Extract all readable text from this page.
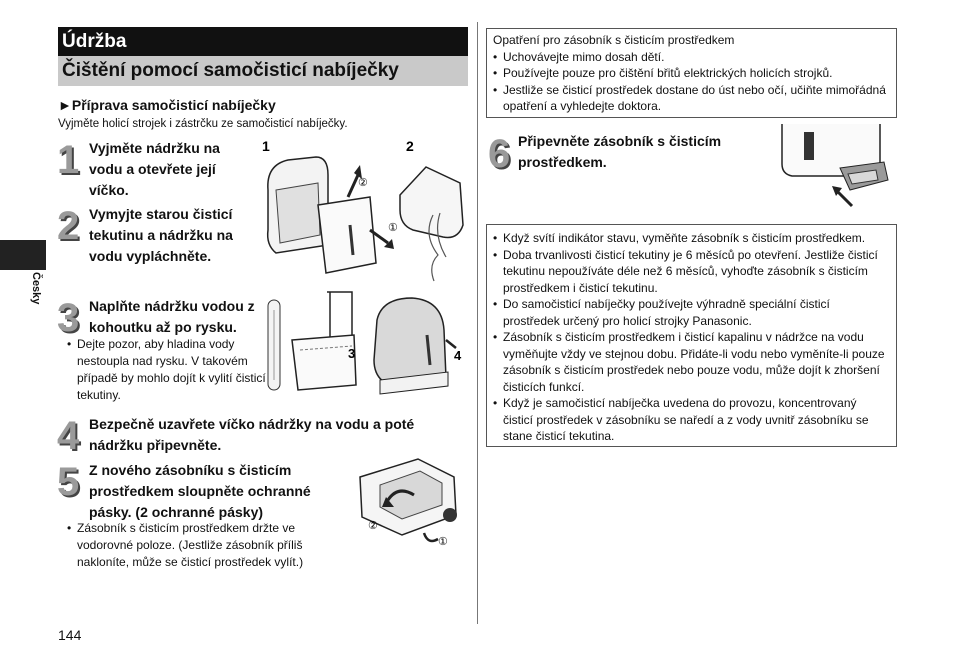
Údržba
Čištění pomocí samočisticí nabíječky
Česky
►Příprava samočisticí nabíječky
Vyjměte holicí strojek i zástrčku ze samočisticí nabíječky.
1 Vyjměte nádržku na vodu a otevřete její víčko.
2 Vymyjte starou čisticí tekutinu a nádržku na vodu vypláchněte.
3 Naplňte nádržku vodou z kohoutku až po rysku.
• Dejte pozor, aby hladina vody nestoupla nad rysku. V takovém případě by mohlo dojít k vylití čisticí tekutiny.
4 Bezpečně uzavřete víčko nádržky na vodu a poté nádržku připevněte.
5 Z nového zásobníku s čisticím prostředkem sloupněte ochranné pásky. (2 ochranné pásky)
• Zásobník s čisticím prostředkem držte ve vodorovné poloze. (Jestliže zásobník příliš nakloníte, může se čisticí prostředek vylít.)
1	2
②
①
3	4
②
①
144
Opatření pro zásobník s čisticím prostředkem
• Uchovávejte mimo dosah dětí.
• Používejte pouze pro čištění břitů elektrických holicích strojků.
• Jestliže se čisticí prostředek dostane do úst nebo očí, učiňte mimořádná opatření a vyhledejte doktora.
6 Připevněte zásobník s čisticím prostředkem.
• Když svítí indikátor stavu, vyměňte zásobník s čisticím prostředkem.
• Doba trvanlivosti čisticí tekutiny je 6 měsíců po otevření. Jestliže čisticí tekutinu nepoužíváte déle než 6 měsíců, vyhoďte zásobník s čisticím prostředkem i čisticí tekutinu.
• Do samočisticí nabíječky používejte výhradně speciální čisticí prostředek určený pro holicí strojky Panasonic.
• Zásobník s čisticím prostředkem i čisticí kapalinu v nádržce na vodu vyměňujte vždy ve stejnou dobu. Přidáte-li vodu nebo vyměníte-li pouze zásobník s čisticím prostředek nebo pouze vodu, může dojít k zhoršení čisticích funkcí.
• Když je samočisticí nabíječka uvedena do provozu, koncentrovaný čisticí prostředek v zásobníku se naředí a z vody uvnitř zásobníku se stane čisticí tekutina.
